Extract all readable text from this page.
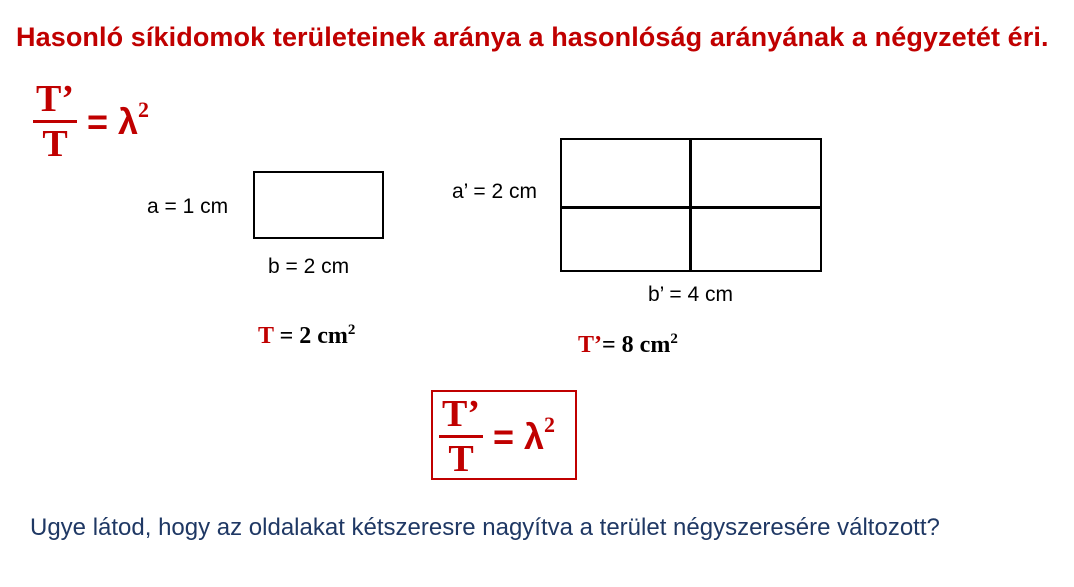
Hasonló síkidomok területeinek aránya a hasonlóság arányának a négyzetét éri.
$\frac{T’}{T} = \lambda^2$
a = 1 cm
b = 2 cm
T = 2 $cm^2$
a’ = 2 cm
b’ = 4 cm
T’= 8 $cm^2$
$\frac{T’}{T} = \lambda^2$
Ugye látod, hogy az oldalakat kétszeresre nagyítva a terület négyszeresére változott?
